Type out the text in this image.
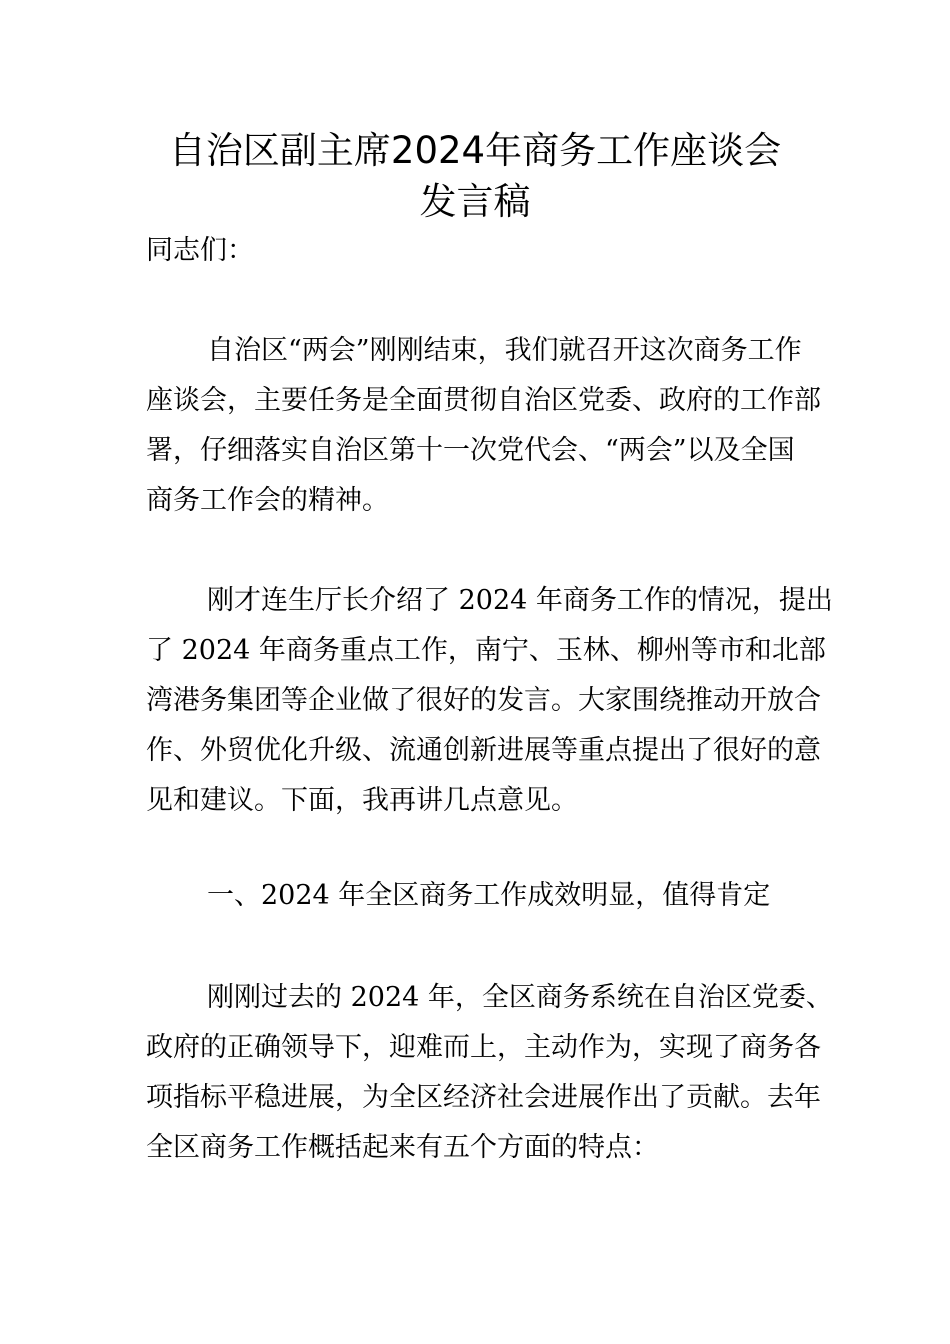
自治区副主席2024年商务工作座谈会
发言稿
同志们：
自治区“两会”刚刚结束，我们就召开这次商务工作
座谈会，主要任务是全面贯彻自治区党委、政府的工作部
署，仔细落实自治区第十一次党代会、“两会”以及全国
商务工作会的精神。
刚才连生厅长介绍了 2024 年商务工作的情况，提出
了 2024 年商务重点工作，南宁、玉林、柳州等市和北部
湾港务集团等企业做了很好的发言。大家围绕推动开放合
作、外贸优化升级、流通创新进展等重点提出了很好的意
见和建议。下面，我再讲几点意见。
一、2024 年全区商务工作成效明显，值得肯定
刚刚过去的 2024 年，全区商务系统在自治区党委、
政府的正确领导下，迎难而上，主动作为，实现了商务各
项指标平稳进展，为全区经济社会进展作出了贡献。去年
全区商务工作概括起来有五个方面的特点：
